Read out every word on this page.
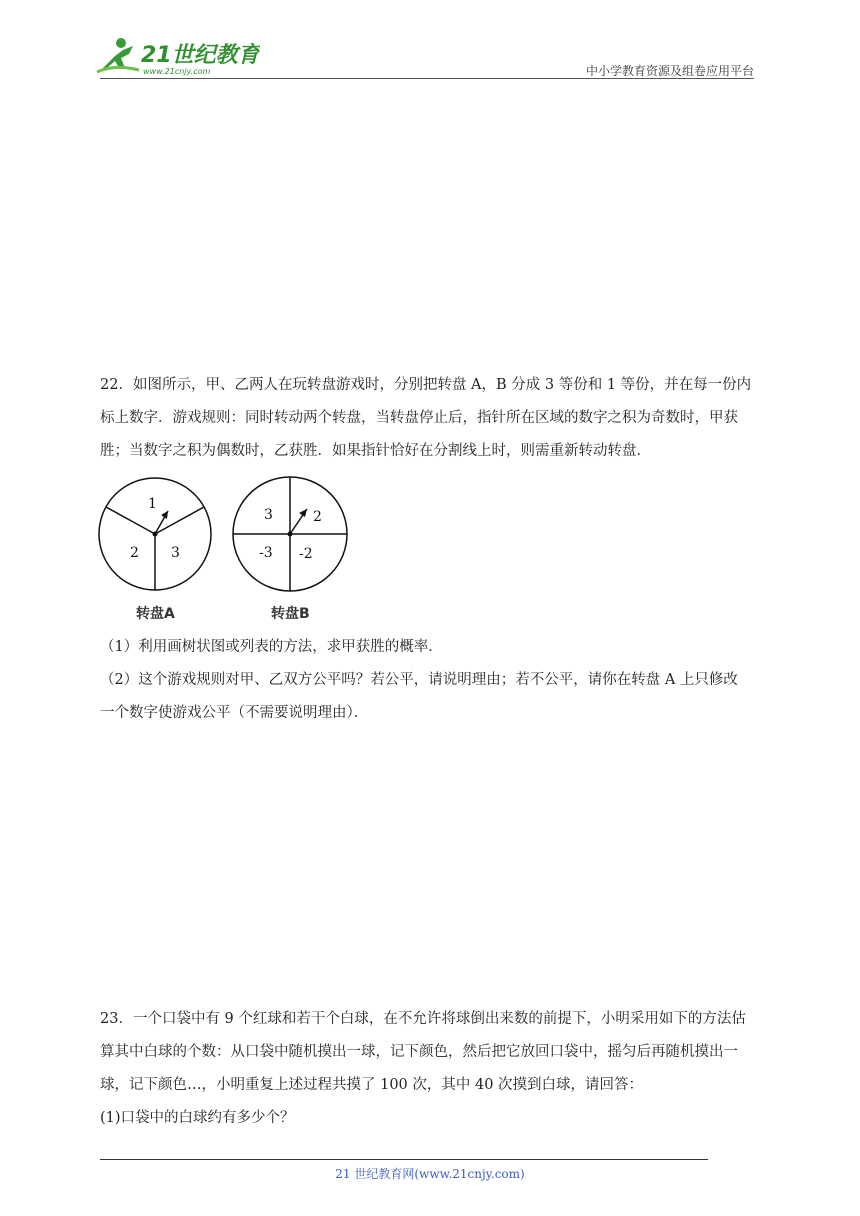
21世纪教育
www.21cnjy.com	中小学教育资源及组卷应用平台

22．如图所示，甲、乙两人在玩转盘游戏时，分别把转盘 A，B 分成 3 等份和 1 等份，并在每一份内

标上数字．游戏规则：同时转动两个转盘，当转盘停止后，指针所在区域的数字之积为奇数时，甲获

胜；当数字之积为偶数时，乙获胜．如果指针恰好在分割线上时，则需重新转动转盘．

1
2 3
转盘A
3	2
-3 -2
转盘B

（1）利用画树状图或列表的方法，求甲获胜的概率．

（2）这个游戏规则对甲、乙双方公平吗？若公平，请说明理由；若不公平，请你在转盘 A 上只修改

一个数字使游戏公平（不需要说明理由）．

23．一个口袋中有 9 个红球和若干个白球，在不允许将球倒出来数的前提下，小明采用如下的方法估

算其中白球的个数：从口袋中随机摸出一球，记下颜色，然后把它放回口袋中，摇匀后再随机摸出一

球，记下颜色…，小明重复上述过程共摸了 100 次，其中 40 次摸到白球，请回答：

(1)口袋中的白球约有多少个？

21 世纪教育网(www.21cnjy.com)
